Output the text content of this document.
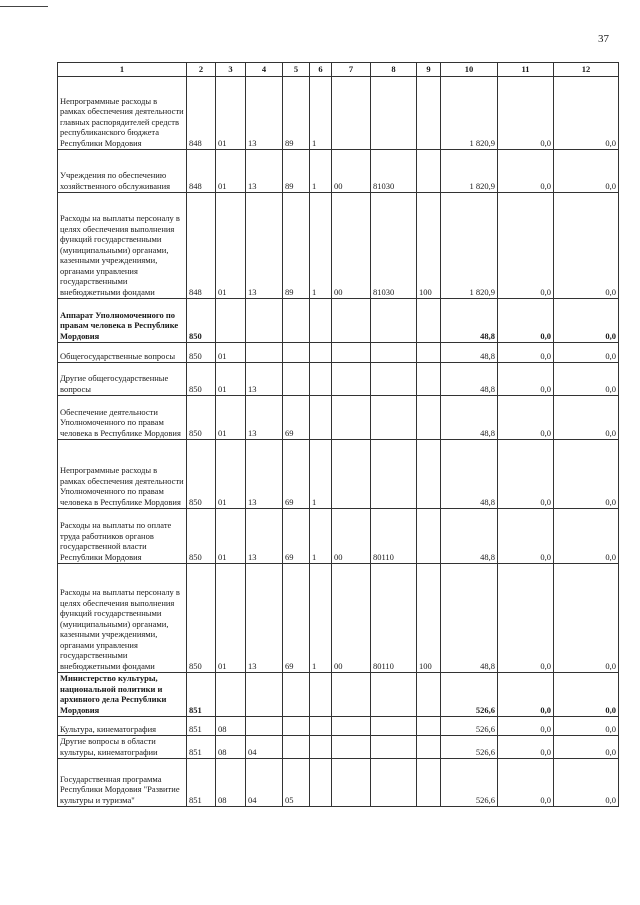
37
1	2	3	4	5	6	7	8	9	10	11	12
Непрограммные расходы в рамках обеспечения деятельности главных распорядителей средств республиканского бюджета Республики Мордовия	848	01	13	89	1				1 820,9	0,0	0,0
Учреждения по обеспечению хозяйственного обслуживания	848	01	13	89	1	00	81030		1 820,9	0,0	0,0
Расходы на выплаты персоналу в целях обеспечения выполнения функций государственными (муниципальными) органами, казенными учреждениями, органами управления государственными внебюджетными фондами	848	01	13	89	1	00	81030	100	1 820,9	0,0	0,0
Аппарат Уполномоченного по правам человека в Республике Мордовия	850								48,8	0,0	0,0
Общегосударственные вопросы	850	01							48,8	0,0	0,0
Другие общегосударственные вопросы	850	01	13						48,8	0,0	0,0
Обеспечение деятельности Уполномоченного по правам человека в Республике Мордовия	850	01	13	69					48,8	0,0	0,0
Непрограммные расходы в рамках обеспечения деятельности Уполномоченного по правам человека в Республике Мордовия	850	01	13	69	1				48,8	0,0	0,0
Расходы на выплаты по оплате труда работников органов государственной власти Республики Мордовия	850	01	13	69	1	00	80110		48,8	0,0	0,0
Расходы на выплаты персоналу в целях обеспечения выполнения функций государственными (муниципальными) органами, казенными учреждениями, органами управления государственными внебюджетными фондами	850	01	13	69	1	00	80110	100	48,8	0,0	0,0
Министерство культуры, национальной политики и архивного дела Республики Мордовия	851								526,6	0,0	0,0
Культура, кинематография	851	08							526,6	0,0	0,0
Другие вопросы в области культуры, кинематографии	851	08	04						526,6	0,0	0,0
Государственная программа Республики Мордовия "Развитие культуры и туризма"	851	08	04	05					526,6	0,0	0,0
